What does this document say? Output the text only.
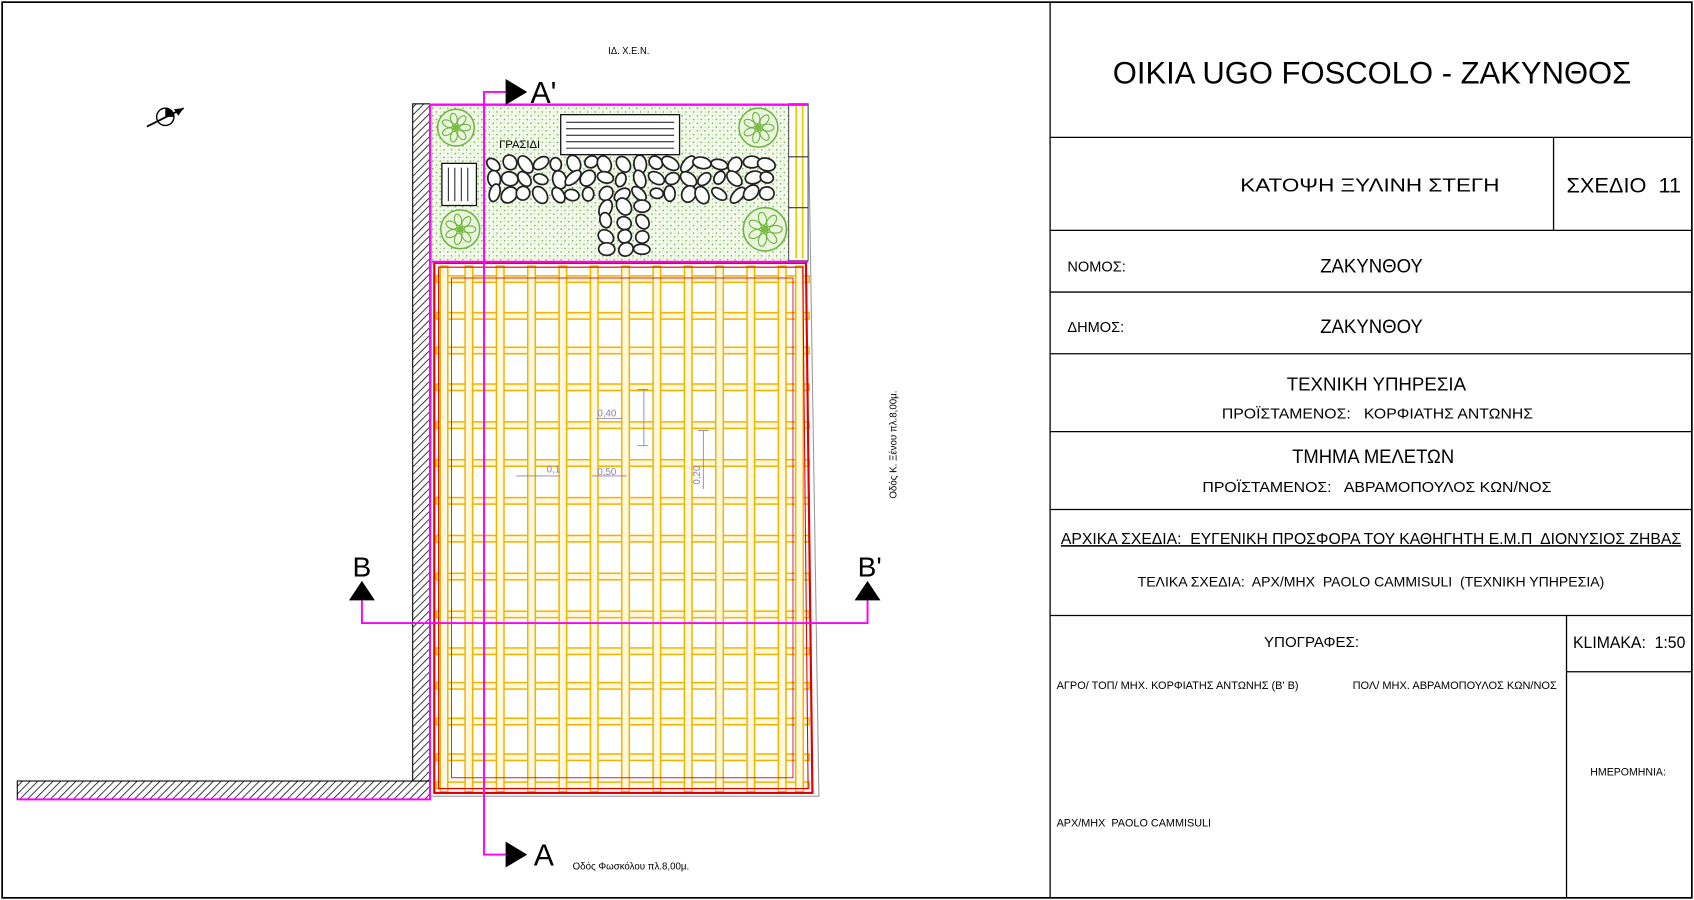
OIKIA UGO FOSCOLO - ΖΑΚΥΝΘΟΣ
ΚΑΤΟΨΗ ΞΥΛΙΝΗ ΣΤΕΓΗ	ΣΧΕΔΙΟ  11
ΝΟΜΟΣ:	ΖΑΚΥΝΘΟΥ
ΔΗΜΟΣ:	ΖΑΚΥΝΘΟΥ
ΤΕΧΝΙΚΗ ΥΠΗΡΕΣΙΑ
ΠΡΟΪΣΤΑΜΕΝΟΣ:   ΚΟΡΦΙΑΤΗΣ ΑΝΤΩΝΗΣ
ΤΜΗΜΑ ΜΕΛΕΤΩΝ
ΠΡΟΪΣΤΑΜΕΝΟΣ:   ΑΒΡΑΜΟΠΟΥΛΟΣ ΚΩΝ/ΝΟΣ
ΑΡΧΙΚΑ ΣΧΕΔΙΑ:  ΕΥΓΕΝΙΚΗ ΠΡΟΣΦΟΡΑ ΤΟΥ ΚΑΘΗΓΗΤΗ Ε.Μ.Π  ΔΙΟΝΥΣΙΟΣ ΖΗΒΑΣ
ΤΕΛΙΚΑ ΣΧΕΔΙΑ:  ΑΡΧ/ΜΗΧ  PAOLO CAMMISULI  (ΤΕΧΝΙΚΗ ΥΠΗΡΕΣΙΑ)
ΥΠΟΓΡΑΦΕΣ:
ΑΓΡΟ/ ΤΟΠ/ ΜΗΧ. ΚΟΡΦΙΑΤΗΣ ΑΝΤΩΝΗΣ (Β' Β)	ΠΟΛ/ ΜΗΧ. ΑΒΡΑΜΟΠΟΥΛΟΣ ΚΩΝ/ΝΟΣ
ΑΡΧ/ΜΗΧ  PAOLO CAMMISULI
KLIMAKA:  1:50
ΗΜΕΡΟΜΗΝΙΑ:
ΙΔ. Χ.Ε.Ν.
ΓΡΑΣΙΔΙ
0,40
0,1	0,50	0,20
A'
A
B	B'
Οδός Κ. Ξένου πλ.8,00μ.
Οδός Φωσκόλου πλ.8,00μ.
